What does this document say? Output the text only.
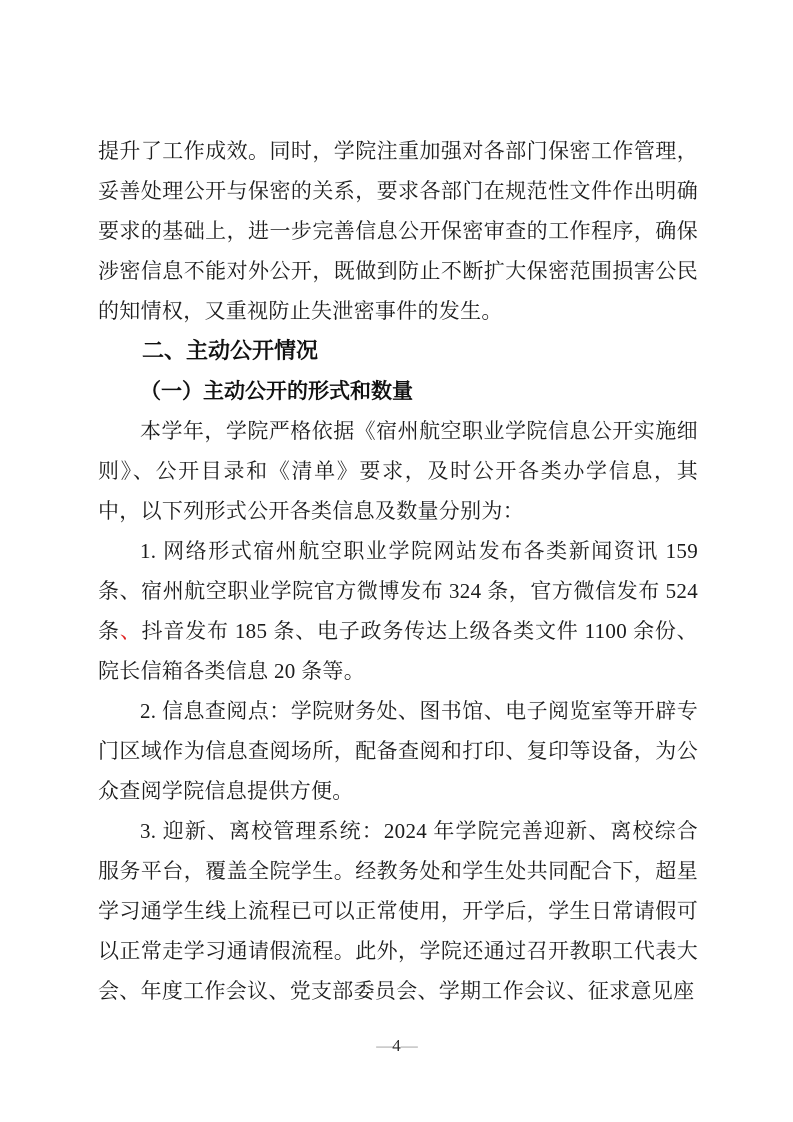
提升了工作成效。同时，学院注重加强对各部门保密工作管理，妥善处理公开与保密的关系，要求各部门在规范性文件作出明确要求的基础上，进一步完善信息公开保密审查的工作程序，确保涉密信息不能对外公开，既做到防止不断扩大保密范围损害公民的知情权，又重视防止失泄密事件的发生。

二、主动公开情况
（一）主动公开的形式和数量

本学年，学院严格依据《宿州航空职业学院信息公开实施细则》、公开目录和《清单》要求，及时公开各类办学信息，其中，以下列形式公开各类信息及数量分别为：

1. 网络形式宿州航空职业学院网站发布各类新闻资讯 159 条、宿州航空职业学院官方微博发布 324 条，官方微信发布 524 条、抖音发布 185 条、电子政务传达上级各类文件 1100 余份、院长信箱各类信息 20 条等。

2. 信息查阅点：学院财务处、图书馆、电子阅览室等开辟专门区域作为信息查阅场所，配备查阅和打印、复印等设备，为公众查阅学院信息提供方便。

3. 迎新、离校管理系统：2024 年学院完善迎新、离校综合服务平台，覆盖全院学生。经教务处和学生处共同配合下，超星学习通学生线上流程已可以正常使用，开学后，学生日常请假可以正常走学习通请假流程。此外，学院还通过召开教职工代表大会、年度工作会议、党支部委员会、学期工作会议、征求意见座

—4—
